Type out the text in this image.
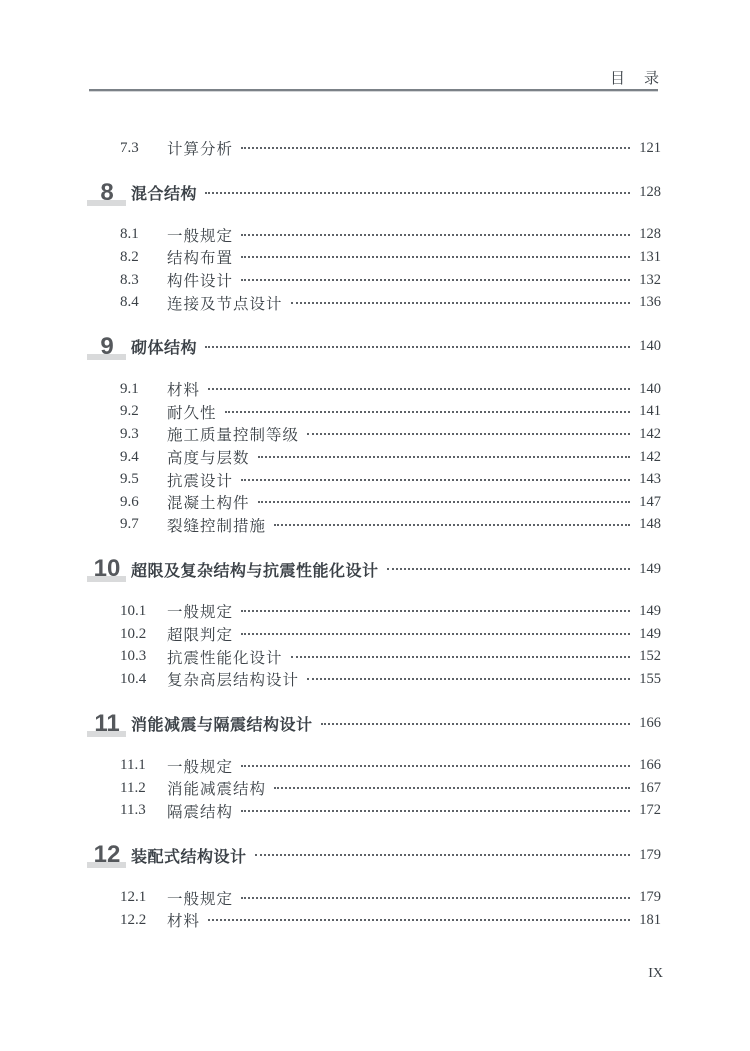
目　录
7.3	计算分析	121
8	混合结构	128
8.1	一般规定	128
8.2	结构布置	131
8.3	构件设计	132
8.4	连接及节点设计	136
9	砌体结构	140
9.1	材料	140
9.2	耐久性	141
9.3	施工质量控制等级	142
9.4	高度与层数	142
9.5	抗震设计	143
9.6	混凝土构件	147
9.7	裂缝控制措施	148
10 超限及复杂结构与抗震性能化设计	149
10.1	一般规定	149
10.2	超限判定	149
10.3	抗震性能化设计	152
10.4	复杂高层结构设计	155
11 消能减震与隔震结构设计	166
11.1	一般规定	166
11.2	消能减震结构	167
11.3	隔震结构	172
12 装配式结构设计	179
12.1	一般规定	179
12.2	材料	181
IX
